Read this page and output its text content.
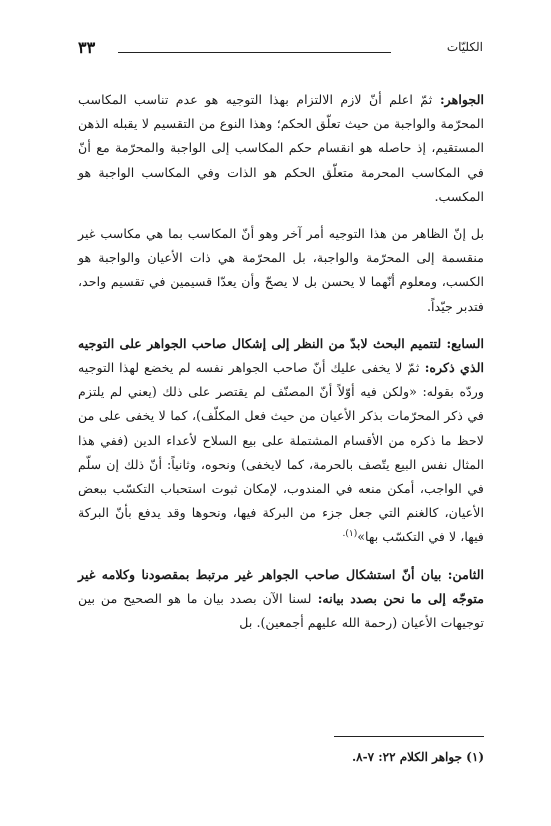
الكليّات
٣٣

الجواهر: ثمّ اعلم أنّ لازم الالتزام بهذا التوجيه هو عدم تناسب المكاسب المحرّمة والواجبة من حيث تعلّق الحكم؛ وهذا النوع من التقسيم لا يقبله الذهن المستقيم، إذ حاصله هو انقسام حكم المكاسب إلى الواجبة والمحرّمة مع أنّ في المكاسب المحرمة متعلّق الحكم هو الذات وفي المكاسب الواجبة هو المكسب.

بل إنّ الظاهر من هذا التوجيه أمر آخر وهو أنّ المكاسب بما هي مكاسب غير منقسمة إلى المحرّمة والواجبة، بل المحرّمة هي ذات الأعيان والواجبة هو الكسب، ومعلوم أنّهما لا يحسن بل لا يصحّ وأن يعدّا قسيمين في تقسيم واحد، فتدبر جيّداً.

السابع: لتتميم البحث لابدّ من النظر إلى إشكال صاحب الجواهر على التوجيه الذي ذكره: ثمّ لا يخفى عليك أنّ صاحب الجواهر نفسه لم يخضع لهذا التوجيه وردّه بقوله: «ولكن فيه أوّلاً أنّ المصنّف لم يقتصر على ذلك (يعني لم يلتزم في ذكر المحرّمات بذكر الأعيان من حيث فعل المكلّف)، كما لا يخفى على من لاحظ ما ذكره من الأقسام المشتملة على بيع السلاح لأعداء الدين (ففي هذا المثال نفس البيع يتّصف بالحرمة، كما لايخفى) ونحوه، وثانياً: أنّ ذلك إن سلّم في الواجب، أمكن منعه في المندوب، لإمكان ثبوت استحباب التكسّب ببعض الأعيان، كالغنم التي جعل جزء من البركة فيها، ونحوها وقد يدفع بأنّ البركة فيها، لا في التكسّب بها»$^{(١).}$

الثامن: بيان أنّ استشكال صاحب الجواهر غير مرتبط بمقصودنا وكلامه غير متوجّه إلى ما نحن بصدد بيانه: لسنا الآن بصدد بيان ما هو الصحيح من بين توجيهات الأعيان (رحمة الله عليهم أجمعين). بل

(١) جواهر الكلام ٢٢: ٧-٨.
